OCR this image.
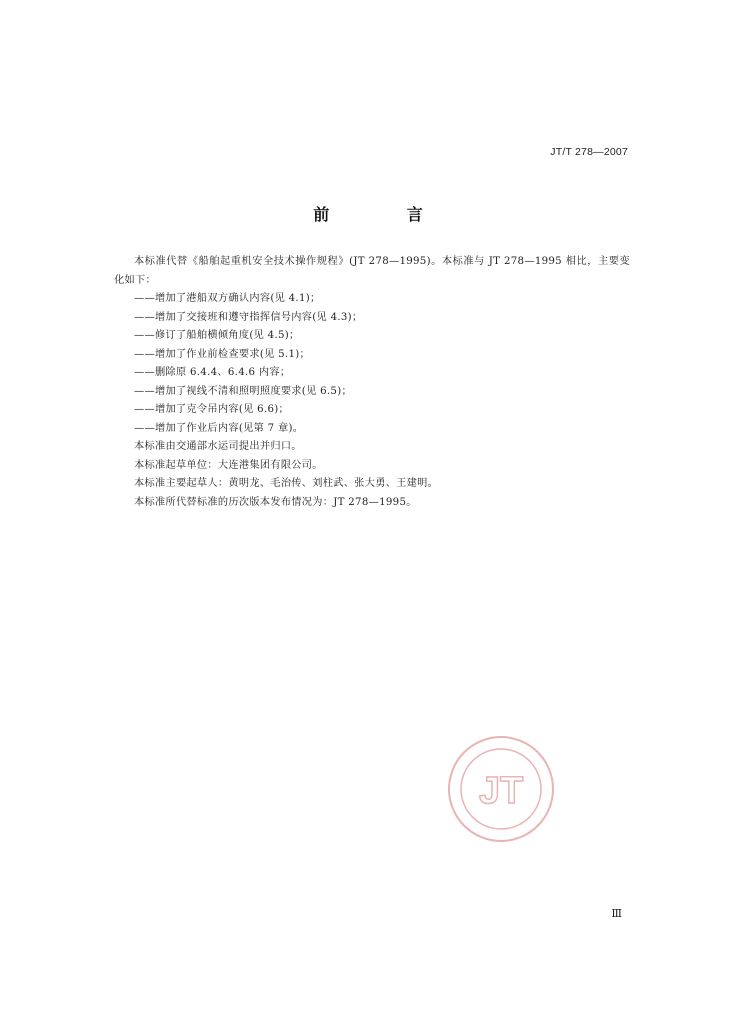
JT/T 278—2007
前 言

本标准代替《船舶起重机安全技术操作规程》(JT 278—1995)。本标准与 JT 278—1995 相比，主要变化如下：

——增加了港船双方确认内容(见 4.1)；
——增加了交接班和遵守指挥信号内容(见 4.3)；
——修订了船舶横倾角度(见 4.5)；
——增加了作业前检查要求(见 5.1)；
——删除原 6.4.4、6.4.6 内容；
——增加了视线不清和照明照度要求(见 6.5)；
——增加了克令吊内容(见 6.6)；
——增加了作业后内容(见第 7 章)。

本标准由交通部水运司提出并归口。

本标准起草单位：大连港集团有限公司。

本标准主要起草人：黄明龙、毛治传、刘柱武、张大勇、王建明。

本标准所代替标准的历次版本发布情况为：JT 278—1995。

JT
Ⅲ
